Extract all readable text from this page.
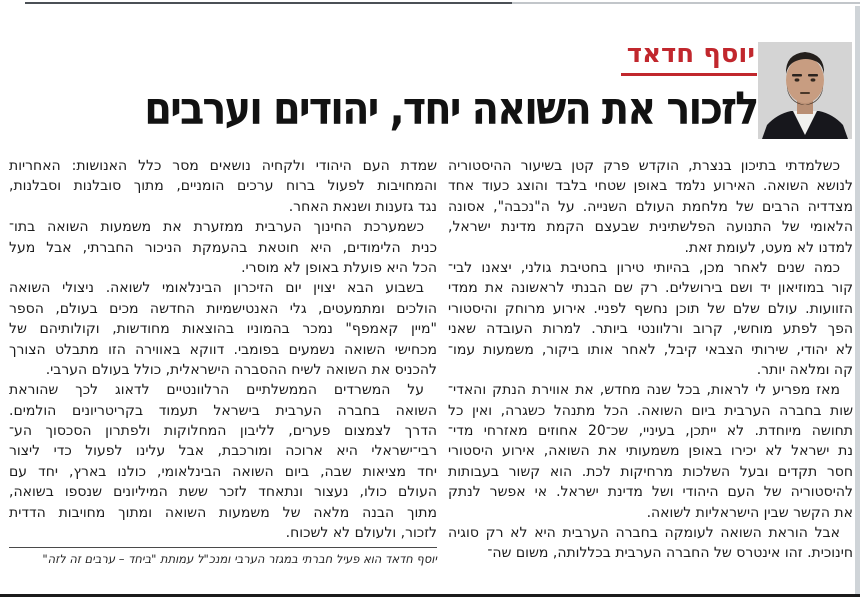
יוסף חדאד
לזכור את השואה יחד, יהודים וערבים
כשלמדתי בתיכון בנצרת, הוקדש פרק קטן בשיעור ההיסטוריה
לנושא השואה. האירוע נלמד באופן שטחי בלבד והוצג כעוד אחד
מצדדיה הרבים של מלחמת העולם השנייה. על ה"נכבה", אסונה
הלאומי של התנועה הפלשתינית שבעצם הקמת מדינת ישראל,
למדנו לא מעט, לעומת זאת.
כמה שנים לאחר מכן, בהיותי טירון בחטיבת גולני, יצאנו לבי־
קור במוזיאון יד ושם בירושלים. רק שם הבנתי לראשונה את ממדי
הזוועות. עולם שלם של תוכן נחשף לפניי. אירוע מרוחק והיסטורי
הפך לפתע מוחשי, קרוב ורלוונטי ביותר. למרות העובדה שאני
לא יהודי, שירותי הצבאי קיבל, לאחר אותו ביקור, משמעות עמו־
קה ומלאה יותר.
מאז מפריע לי לראות, בכל שנה מחדש, את אווירת הנתק והאדי־
שות בחברה הערבית ביום השואה. הכל מתנהל כשגרה, ואין כל
תחושה מיוחדת. לא ייתכן, בעיניי, שכ־20 אחוזים מאזרחי מדי־
נת ישראל לא יכירו באופן משמעותי את השואה, אירוע היסטורי
חסר תקדים ובעל השלכות מרחיקות לכת. הוא קשור בעבותות
להיסטוריה של העם היהודי ושל מדינת ישראל. אי אפשר לנתק
את הקשר שבין הישראליות לשואה.
אבל הוראת השואה לעומקה בחברה הערבית היא לא רק סוגיה
חינוכית. זהו אינטרס של החברה הערבית בכללותה, משום שה־
שמדת העם היהודי ולקחיה נושאים מסר כלל האנושות: האחריות
והמחויבות לפעול ברוח ערכים הומניים, מתוך סובלנות וסבלנות,
נגד גזענות ושנאת האחר.
כשמערכת החינוך הערבית ממזערת את משמעות השואה בתו־
כנית הלימודים, היא חוטאת בהעמקת הניכור החברתי, אבל מעל
הכל היא פועלת באופן לא מוסרי.
בשבוע הבא יצוין יום הזיכרון הבינלאומי לשואה. ניצולי השואה
הולכים ומתמעטים, גלי האנטישמיות החדשה מכים בעולם, הספר
"מיין קאמפף" נמכר בהמוניו בהוצאות מחודשות, וקולותיהם של
מכחישי השואה נשמעים בפומבי. דווקא באווירה הזו מתבלט הצורך
להכניס את השואה לשיח ההסברה הישראלית, כולל בעולם הערבי.
על המשרדים הממשלתיים הרלוונטיים לדאוג לכך שהוראת
השואה בחברה הערבית בישראל תעמוד בקריטריונים הולמים.
הדרך לצמצום פערים, לליבון המחלוקות ולפתרון הסכסוך הע־
רבי־ישראלי היא ארוכה ומורכבת, אבל עלינו לפעול כדי ליצור
יחד מציאות שבה, ביום השואה הבינלאומי, כולנו בארץ, יחד עם
העולם כולו, נעצור ונתאחד לזכר ששת המיליונים שנספו בשואה,
מתוך הבנה מלאה של משמעות השואה ומתוך מחויבות הדדית
לזכור, ולעולם לא לשכוח.
יוסף חדאד הוא פעיל חברתי במגזר הערבי ומנכ"ל עמותת "ביחד – ערבים זה לזה"
